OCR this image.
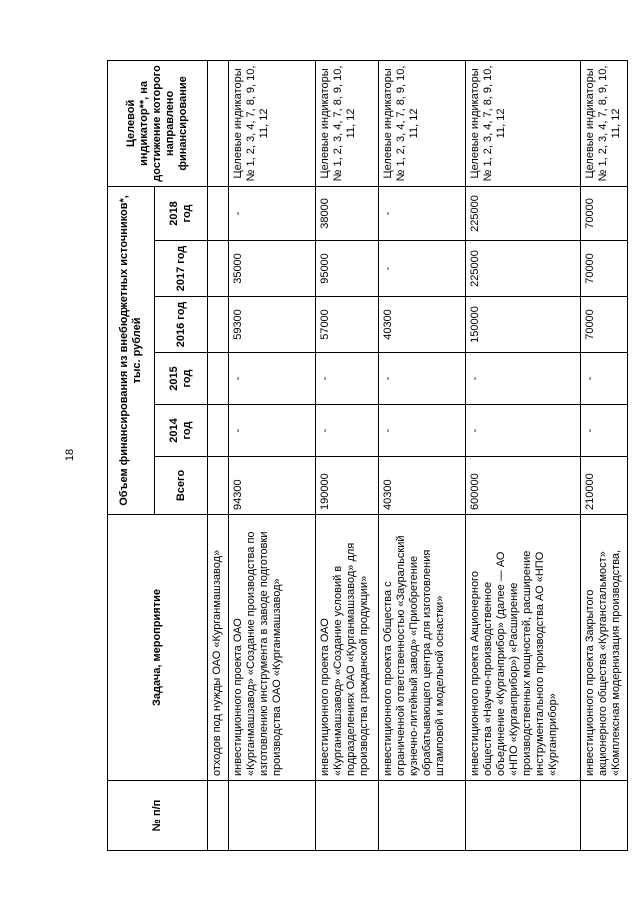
18
№ п/п	Задача, мероприятие	Объем финансирования из внебюджетных источников*, тыс. рублей						Целевой индикатор**, на достижение которого направлено финансирование
		Всего	2014 год	2015 год	2016 год	2017 год	2018 год	
	отходов под нужды ОАО «Курганмашзавод»							
	инвестиционного проекта ОАО «Курганмашзавод» «Создание производства по изготовлению инструмента в заводе подготовки производства ОАО «Курганмашзавод»	94300	-	-	59300	35000	-	Целевые индикаторы № 1, 2, 3, 4, 7, 8, 9, 10, 11, 12
	инвестиционного проекта ОАО «Курганмашзавод» «Создание условий в подразделениях ОАО «Курганмашзавод» для производства гражданской продукции»	190000	-	-	57000	95000	38000	Целевые индикаторы № 1, 2, 3, 4, 7, 8, 9, 10, 11, 12
	инвестиционного проекта Общества с ограниченной ответственностью «Зауральский кузнечно-литейный завод» «Приобретение обрабатывающего центра для изготовления штамповой и модельной оснастки»	40300	-	-	40300	-	-	Целевые индикаторы № 1, 2, 3, 4, 7, 8, 9, 10, 11, 12
	инвестиционного проекта Акционерного общества «Научно-производственное объединение «Курганприбор» (далее — АО «НПО «Курганприбор») «Расширение производственных мощностей, расширение инструментального производства АО «НПО «Курганприбор»	600000	-	-	150000	225000	225000	Целевые индикаторы № 1, 2, 3, 4, 7, 8, 9, 10, 11, 12
	инвестиционного проекта Закрытого акционерного общества «Курганстальмост» «Комплексная модернизация производства,	210000	-	-	70000	70000	70000	Целевые индикаторы № 1, 2, 3, 4, 7, 8, 9, 10, 11, 12
